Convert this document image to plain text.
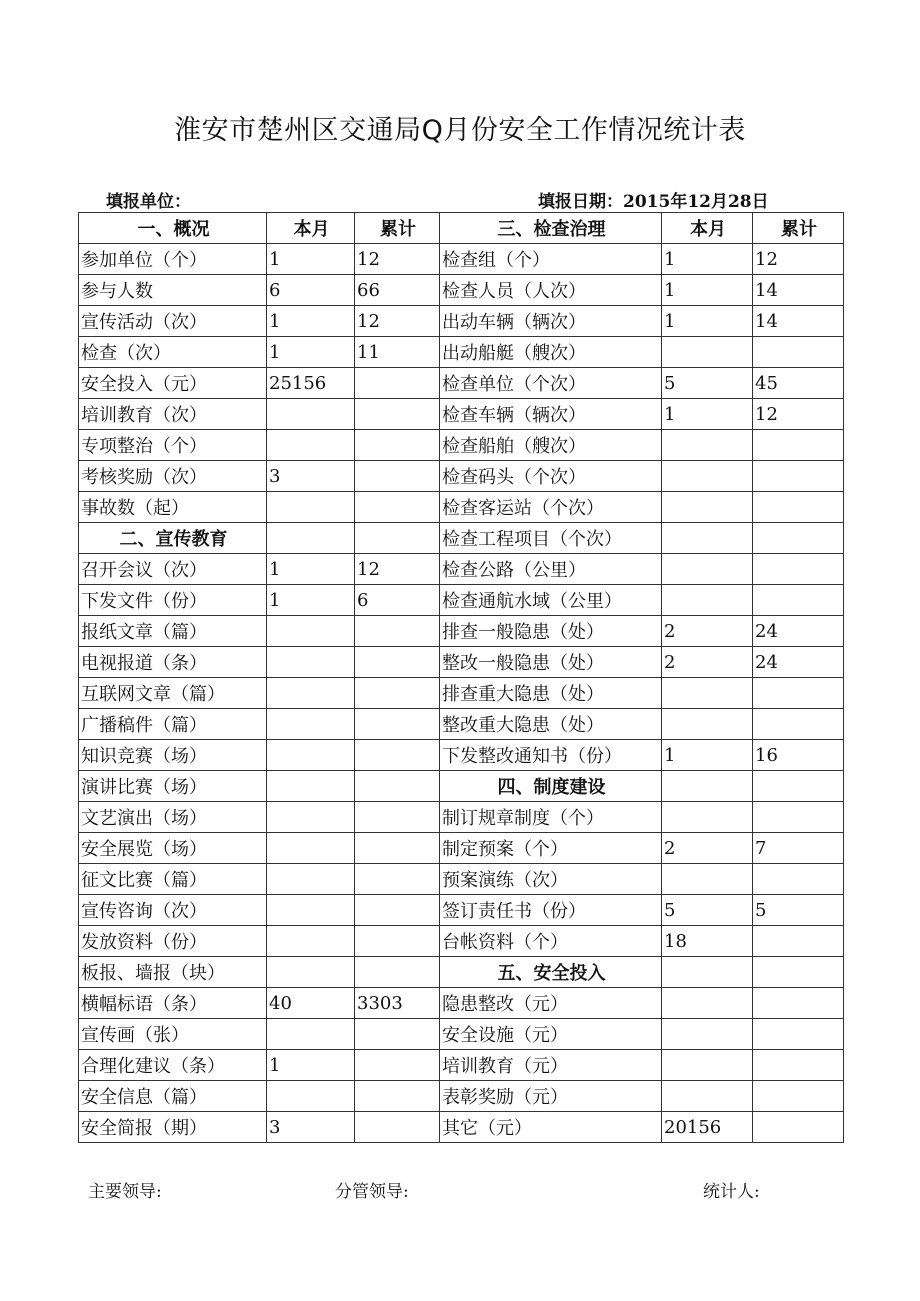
淮安市楚州区交通局Q月份安全工作情况统计表
填报单位：	填报日期：2015年12月28日
一、概况	本月	累计	三、检查治理	本月	累计
参加单位（个）	1	12	检查组（个）	1	12
参与人数	6	66	检查人员（人次）	1	14
宣传活动（次）	1	12	出动车辆（辆次）	1	14
检查（次）	1	11	出动船艇（艘次）		
安全投入（元）	25156		检查单位（个次）	5	45
培训教育（次）			检查车辆（辆次）	1	12
专项整治（个）			检查船舶（艘次）		
考核奖励（次）	3		检查码头（个次）		
事故数（起）			检查客运站（个次）		
二、宣传教育			检查工程项目（个次）		
召开会议（次）	1	12	检查公路（公里）		
下发文件（份）	1	6	检查通航水域（公里）		
报纸文章（篇）			排查一般隐患（处）	2	24
电视报道（条）			整改一般隐患（处）	2	24
互联网文章（篇）			排查重大隐患（处）		
广播稿件（篇）			整改重大隐患（处）		
知识竞赛（场）			下发整改通知书（份）	1	16
演讲比赛（场）			四、制度建设		
文艺演出（场）			制订规章制度（个）		
安全展览（场）			制定预案（个）	2	7
征文比赛（篇）			预案演练（次）		
宣传咨询（次）			签订责任书（份）	5	5
发放资料（份）			台帐资料（个）	18	
板报、墙报（块）			五、安全投入		
横幅标语（条）	40	3303	隐患整改（元）		
宣传画（张）			安全设施（元）		
合理化建议（条）	1		培训教育（元）		
安全信息（篇）			表彰奖励（元）		
安全简报（期）	3		其它（元）	20156	
主要领导:	分管领导:	统计人:
